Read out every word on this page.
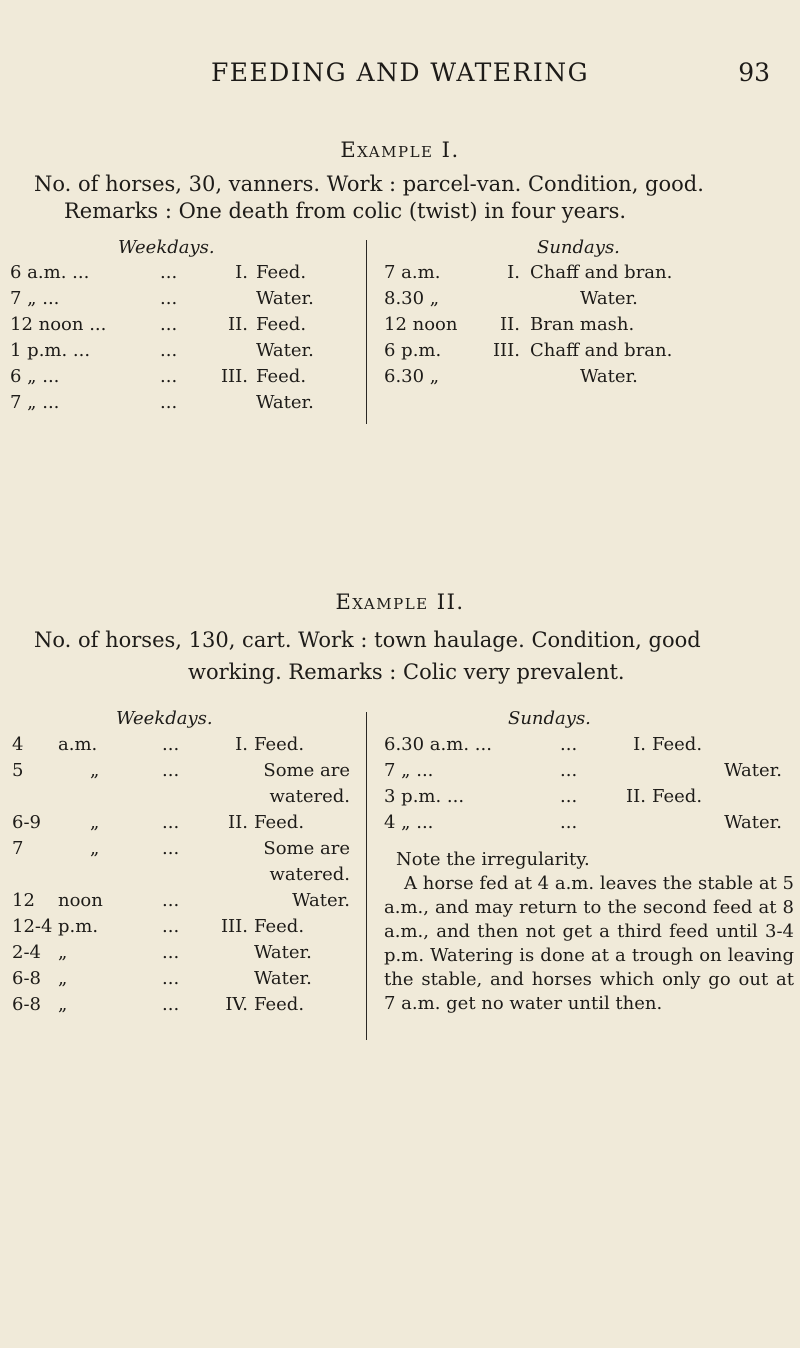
FEEDING AND WATERING	93
Example I.
No. of horses, 30, vanners. Work : parcel-van. Condition, good.
Remarks : One death from colic (twist) in four years.
Weekdays.	Sundays.
6 a.m. ...	...	I. Feed.
7 „ ...	...	Water.
12 noon ...	...	II. Feed.
1 p.m. ...	...	Water.
6 „ ...	...	III. Feed.
7 „ ...	...	Water.
7 a.m.	I. Chaff and bran.
8.30 „	Water.
12 noon	II. Bran mash.
6 p.m.	III. Chaff and bran.
6.30 „	Water.
Example II.
No. of horses, 130, cart. Work : town haulage. Condition, good
working. Remarks : Colic very prevalent.
Weekdays.	Sundays.
4 a.m.	...	I. Feed.
5	„	...	Some are
watered.
6-9	„	...	II. Feed.
7	„	...	Some are
watered.
12 noon	...	Water.
12-4 p.m.	...	III. Feed.
2-4 „	...	Water.
6-8 „	...	Water.
6-8 „	...	IV. Feed.
6.30 a.m. ...	...	I. Feed.
7 „ ...	...	Water.
3 p.m. ...	...	II. Feed.
4 „ ...	...	Water.
Note the irregularity.

A horse fed at 4 a.m. leaves the stable at 5 a.m., and may return to the second feed at 8 a.m., and then not get a third feed until 3-4 p.m. Watering is done at a trough on leaving the stable, and horses which only go out at 7 a.m. get no water until then.
